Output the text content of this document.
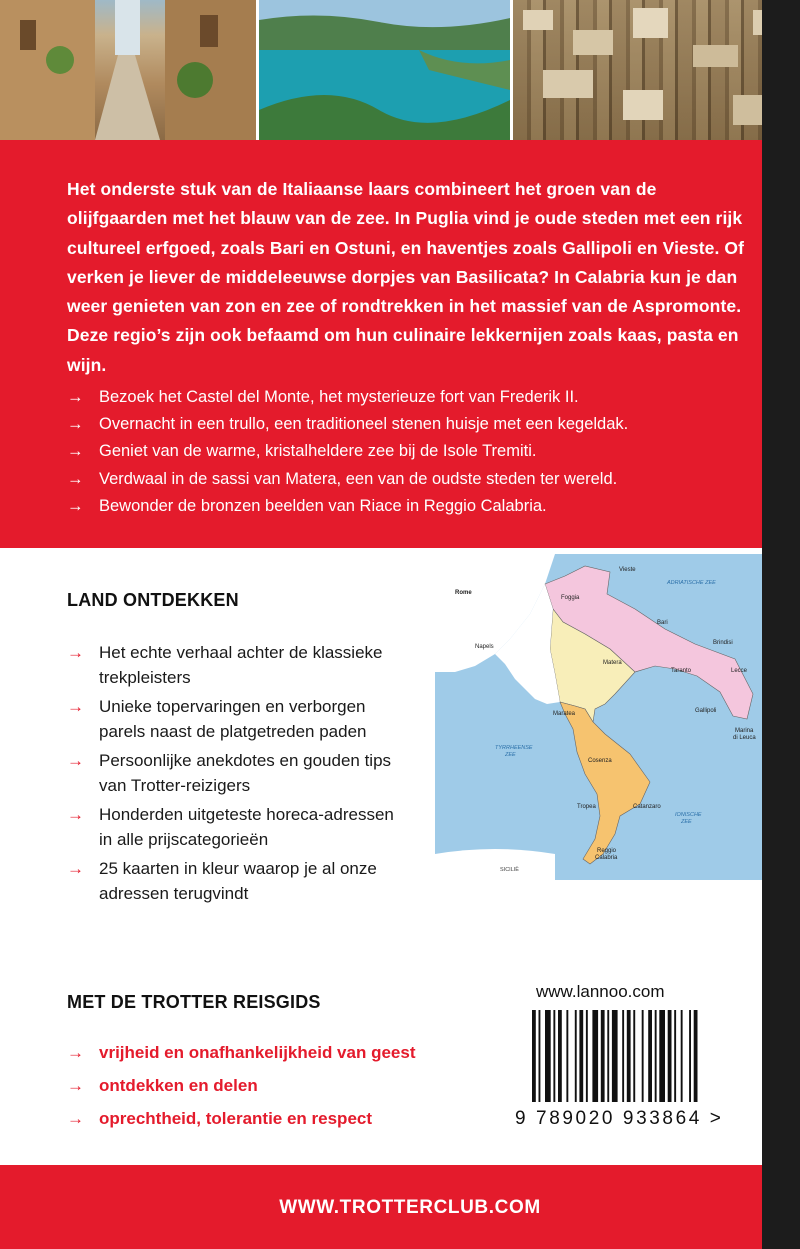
Het onderste stuk van de Italiaanse laars combineert het groen van de olijfgaarden met het blauw van de zee. In Puglia vind je oude steden met een rijk cultureel erfgoed, zoals Bari en Ostuni, en haventjes zoals Gallipoli en Vieste. Of verken je liever de middeleeuwse dorpjes van Basilicata? In Calabria kun je dan weer genieten van zon en zee of rondtrekken in het massief van de Aspromonte. Deze regio’s zijn ook befaamd om hun culinaire lekkernijen zoals kaas, pasta en wijn.
→ Bezoek het Castel del Monte, het mysterieuze fort van Frederik II.
→ Overnacht in een trullo, een traditioneel stenen huisje met een kegeldak.
→ Geniet van de warme, kristalheldere zee bij de Isole Tremiti.
→ Verdwaal in de sassi van Matera, een van de oudste steden ter wereld.
→ Bewonder de bronzen beelden van Riace in Reggio Calabria.
LAND ONTDEKKEN
→ Het echte verhaal achter de klassieke trekpleisters
→ Unieke topervaringen en verborgen parels naast de platgetreden paden
→ Persoonlijke anekdotes en gouden tips van Trotter-reizigers
→ Honderden uitgeteste horeca-adressen in alle prijscategorieën
→ 25 kaarten in kleur waarop je al onze adressen terugvindt
Rome
Vieste
Foggia
Bari
Napels
Brindisi
Matera
Lecce
Taranto
Maratea	Gallipoli
Marina
di Leuca
Cosenza
Tropea	Catanzaro
Reggio
Calabria
ADRIATISCHE ZEE
TYRRHEENSE
ZEE
IONISCHE
ZEE
SICILIË
MET DE TROTTER REISGIDS
→ vrijheid en onafhankelijkheid van geest
→ ontdekken en delen
→ oprechtheid, tolerantie en respect
www.lannoo.com
9 789020 933864 >
WWW.TROTTERCLUB.COM
